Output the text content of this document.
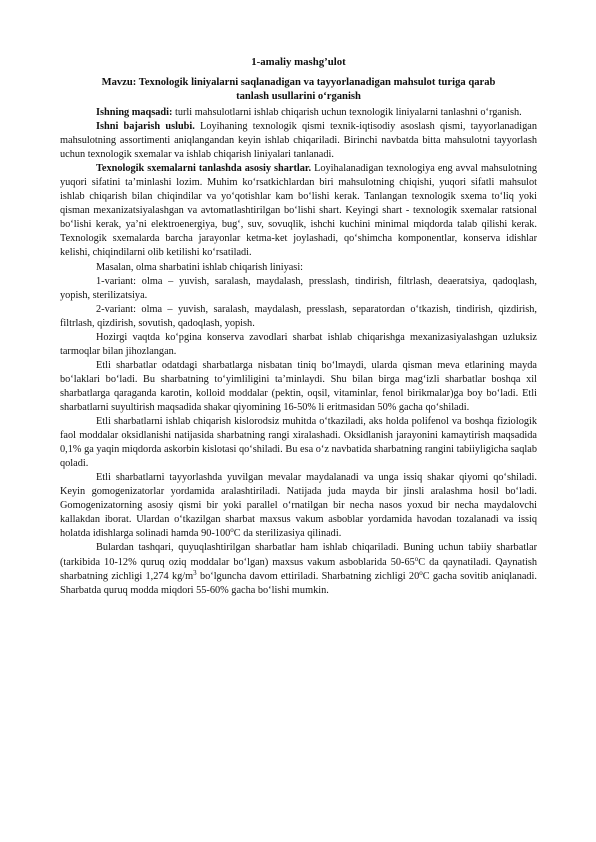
1-amaliy mashg’ulot
Mavzu: Texnologik liniyalarni saqlanadigan va tayyorlanadigan mahsulot turiga qarab
tanlash usullarini o‘rganish

Ishning maqsadi: turli mahsulotlarni ishlab chiqarish uchun texnologik liniyalarni tanlashni o‘rganish.

Ishni bajarish uslubi. Loyihaning texnologik qismi texnik-iqtisodiy asoslash qismi, tayyorlanadigan mahsulotning assortimenti aniqlangandan keyin ishlab chiqariladi. Birinchi navbatda bitta mahsulotni tayyorlash uchun texnologik sxemalar va ishlab chiqarish liniyalari tanlanadi.

Texnologik sxemalarni tanlashda asosiy shartlar. Loyihalanadigan texnologiya eng avval mahsulotning yuqori sifatini ta’minlashi lozim. Muhim ko‘rsatkichlardan biri mahsulotning chiqishi, yuqori sifatli mahsulot ishlab chiqarish bilan chiqindilar va yo‘qotishlar kam bo‘lishi kerak. Tanlangan texnologik sxema to‘liq yoki qisman mexanizatsiyalashgan va avtomatlashtirilgan bo‘lishi shart. Keyingi shart - texnologik sxemalar ratsional bo‘lishi kerak, ya’ni elektroenergiya, bug‘, suv, sovuqlik, ishchi kuchini minimal miqdorda talab qilishi kerak. Texnologik sxemalarda barcha jarayonlar ketma-ket joylashadi, qo‘shimcha komponentlar, konserva idishlar kelishi, chiqindilarni olib ketilishi ko‘rsatiladi.

Masalan, olma sharbatini ishlab chiqarish liniyasi:

1-variant: olma – yuvish, saralash, maydalash, presslash, tindirish, filtrlash, deaeratsiya, qadoqlash, yopish, sterilizatsiya.

2-variant: olma – yuvish, saralash, maydalash, presslash, separatordan o‘tkazish, tindirish, qizdirish, filtrlash, qizdirish, sovutish, qadoqlash, yopish.

Hozirgi vaqtda ko‘pgina konserva zavodlari sharbat ishlab chiqarishga mexanizasiyalashgan uzluksiz tarmoqlar bilan jihozlangan.

Etli sharbatlar odatdagi sharbatlarga nisbatan tiniq bo‘lmaydi, ularda qisman meva etlarining mayda bo‘laklari bo‘ladi. Bu sharbatning to‘yimliligini ta’minlaydi. Shu bilan birga mag‘izli sharbatlar boshqa xil sharbatlarga qaraganda karotin, kolloid moddalar (pektin, oqsil, vitaminlar, fenol birikmalar)ga boy bo‘ladi. Etli sharbatlarni suyultirish maqsadida shakar qiyomining 16-50% li eritmasidan 50% gacha qo‘shiladi.

Etli sharbatlarni ishlab chiqarish kislorodsiz muhitda o‘tkaziladi, aks holda polifenol va boshqa fiziologik faol moddalar oksidlanishi natijasida sharbatning rangi xiralashadi. Oksidlanish jarayonini kamaytirish maqsadida 0,1% ga yaqin miqdorda askorbin kislotasi qo‘shiladi. Bu esa o‘z navbatida sharbatning rangini tabiiyligicha saqlab qoladi.

Etli sharbatlarni tayyorlashda yuvilgan mevalar maydalanadi va unga issiq shakar qiyomi qo‘shiladi. Keyin gomogenizatorlar yordamida aralashtiriladi. Natijada juda mayda bir jinsli aralashma hosil bo‘ladi. Gomogenizatorning asosiy qismi bir yoki parallel o‘rnatilgan bir necha nasos yoxud bir necha maydalovchi kallakdan iborat. Ulardan o‘tkazilgan sharbat maxsus vakum asboblar yordamida havodan tozalanadi va issiq holatda idishlarga solinadi hamda 90-100$^o$C da sterilizasiya qilinadi.

Bulardan tashqari, quyuqlashtirilgan sharbatlar ham ishlab chiqariladi. Buning uchun tabiiy sharbatlar (tarkibida 10-12% quruq oziq moddalar bo‘lgan) maxsus vakum asboblarida 50-65$^o$C da qaynatiladi. Qaynatish sharbatning zichligi 1,274 $kg/m^3$ bo‘lguncha davom ettiriladi. Sharbatning zichligi 20$^o$C gacha sovitib aniqlanadi. Sharbatda quruq modda miqdori 55-60% gacha bo‘lishi mumkin.
